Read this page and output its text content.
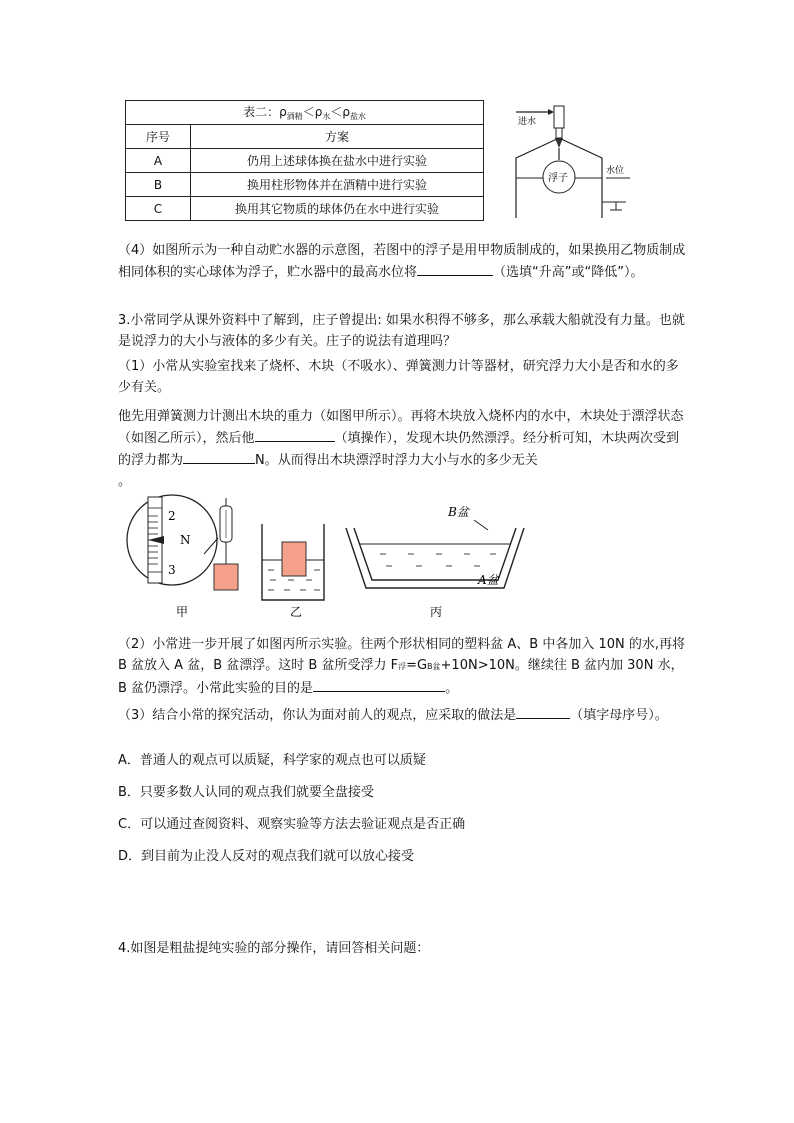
表二：$\rho_{酒精}<\rho_水<\rho_{盐水}$
序号	方案
A	仍用上述球体换在盐水中进行实验
B	换用柱形物体并在酒精中进行实验
C	换用其它物质的球体仍在水中进行实验
进水
浮子
水位

（4）如图所示为一种自动贮水器的示意图，若图中的浮子是用甲物质制成的，如果换用乙物质制成相同体积的实心球体为浮子，贮水器中的最高水位将	（选填“升高”或“降低”）。

3.小常同学从课外资料中了解到，庄子曾提出: 如果水积得不够多，那么承载大船就没有力量。也就是说浮力的大小与液体的多少有关。庄子的说法有道理吗？

（1）小常从实验室找来了烧杯、木块（不吸水）、弹簧测力计等器材，研究浮力大小是否和水的多少有关。

他先用弹簧测力计测出木块的重力（如图甲所示）。再将木块放入烧杯内的水中，木块处于漂浮状态（如图乙所示），然后他	（填操作），发现木块仍然漂浮。经分析可知，木块两次受到的浮力都为	N。从而得出木块漂浮时浮力大小与水的多少无关
。

2
N
3
甲	乙
B盆
A盆
丙

（2）小常进一步开展了如图丙所示实验。往两个形状相同的塑料盆 A、B 中各加入 10N 的水,再将 B 盆放入 A 盆，B 盆漂浮。这时 B 盆所受浮力 F浮=GB盆+10N>10N。继续往 B 盆内加 30N 水，B 盆仍漂浮。小常此实验的目的是	。

（3）结合小常的探究活动，你认为面对前人的观点，应采取的做法是	（填字母序号）。

A．普通人的观点可以质疑，科学家的观点也可以质疑

B．只要多数人认同的观点我们就要全盘接受

C．可以通过查阅资料、观察实验等方法去验证观点是否正确

D．到目前为止没人反对的观点我们就可以放心接受

4.如图是粗盐提纯实验的部分操作，请回答相关问题：
